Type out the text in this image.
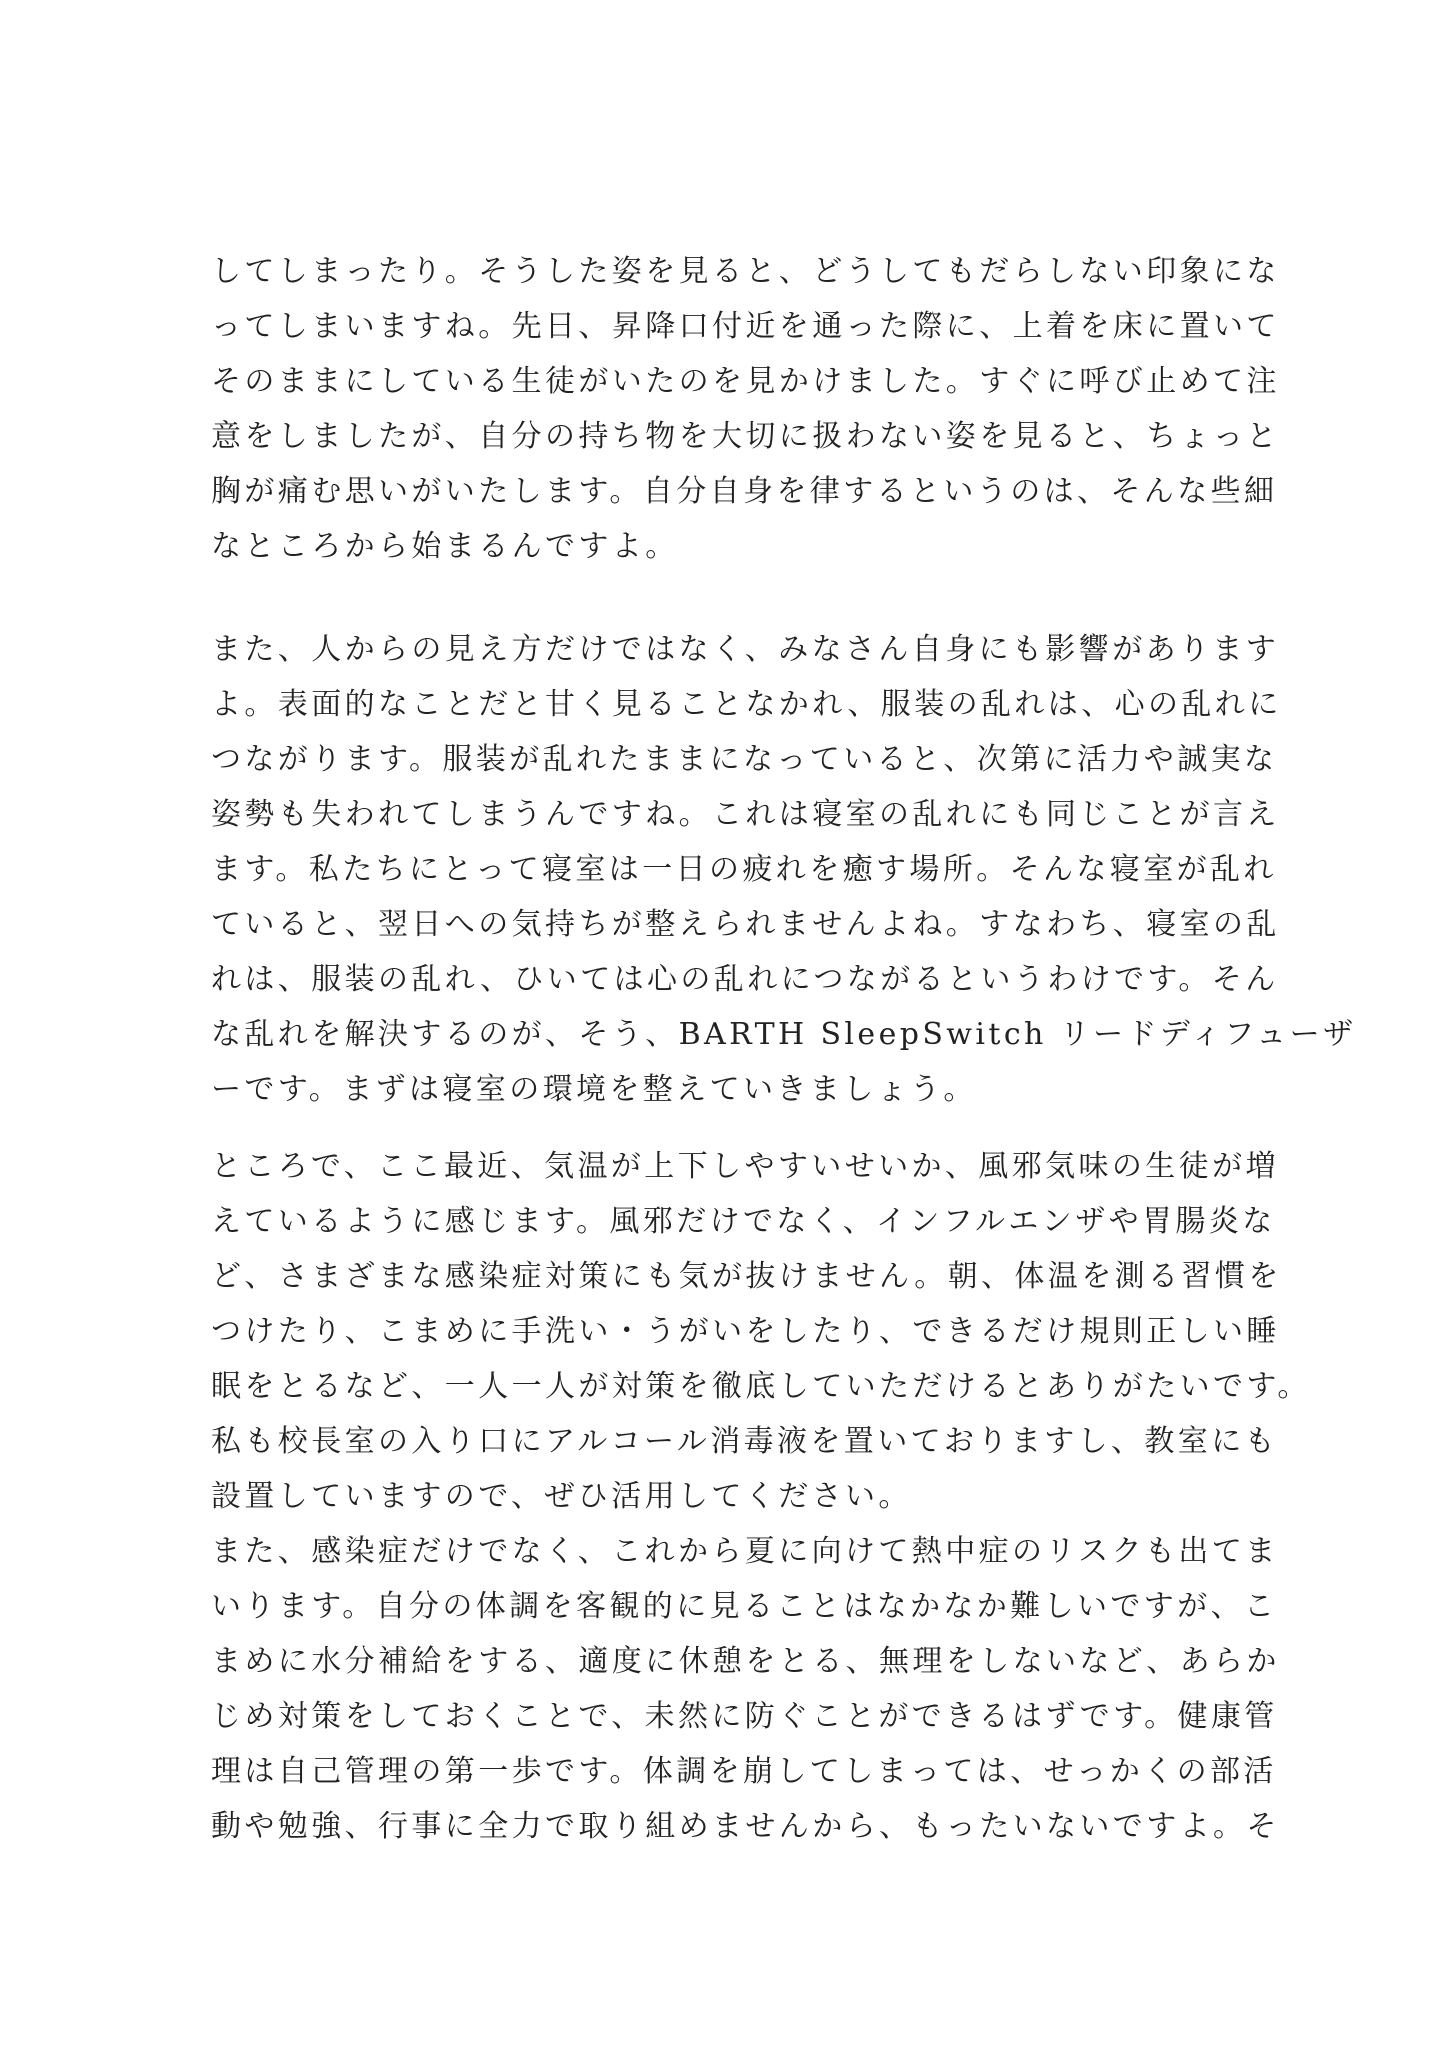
してしまったり。そうした姿を見ると、どうしてもだらしない印象にな
ってしまいますね。先日、昇降口付近を通った際に、上着を床に置いて
そのままにしている生徒がいたのを見かけました。すぐに呼び止めて注
意をしましたが、自分の持ち物を大切に扱わない姿を見ると、ちょっと
胸が痛む思いがいたします。自分自身を律するというのは、そんな些細
なところから始まるんですよ。
また、人からの見え方だけではなく、みなさん自身にも影響があります
よ。表面的なことだと甘く見ることなかれ、服装の乱れは、心の乱れに
つながります。服装が乱れたままになっていると、次第に活力や誠実な
姿勢も失われてしまうんですね。これは寝室の乱れにも同じことが言え
ます。私たちにとって寝室は一日の疲れを癒す場所。そんな寝室が乱れ
ていると、翌日への気持ちが整えられませんよね。すなわち、寝室の乱
れは、服装の乱れ、ひいては心の乱れにつながるというわけです。そん
な乱れを解決するのが、そう、BARTH SleepSwitch リードディフューザ
ーです。まずは寝室の環境を整えていきましょう。
ところで、ここ最近、気温が上下しやすいせいか、風邪気味の生徒が増
えているように感じます。風邪だけでなく、インフルエンザや胃腸炎な
ど、さまざまな感染症対策にも気が抜けません。朝、体温を測る習慣を
つけたり、こまめに手洗い・うがいをしたり、できるだけ規則正しい睡
眠をとるなど、一人一人が対策を徹底していただけるとありがたいです。
私も校長室の入り口にアルコール消毒液を置いておりますし、教室にも
設置していますので、ぜひ活用してください。
また、感染症だけでなく、これから夏に向けて熱中症のリスクも出てま
いります。自分の体調を客観的に見ることはなかなか難しいですが、こ
まめに水分補給をする、適度に休憩をとる、無理をしないなど、あらか
じめ対策をしておくことで、未然に防ぐことができるはずです。健康管
理は自己管理の第一歩です。体調を崩してしまっては、せっかくの部活
動や勉強、行事に全力で取り組めませんから、もったいないですよ。そ
